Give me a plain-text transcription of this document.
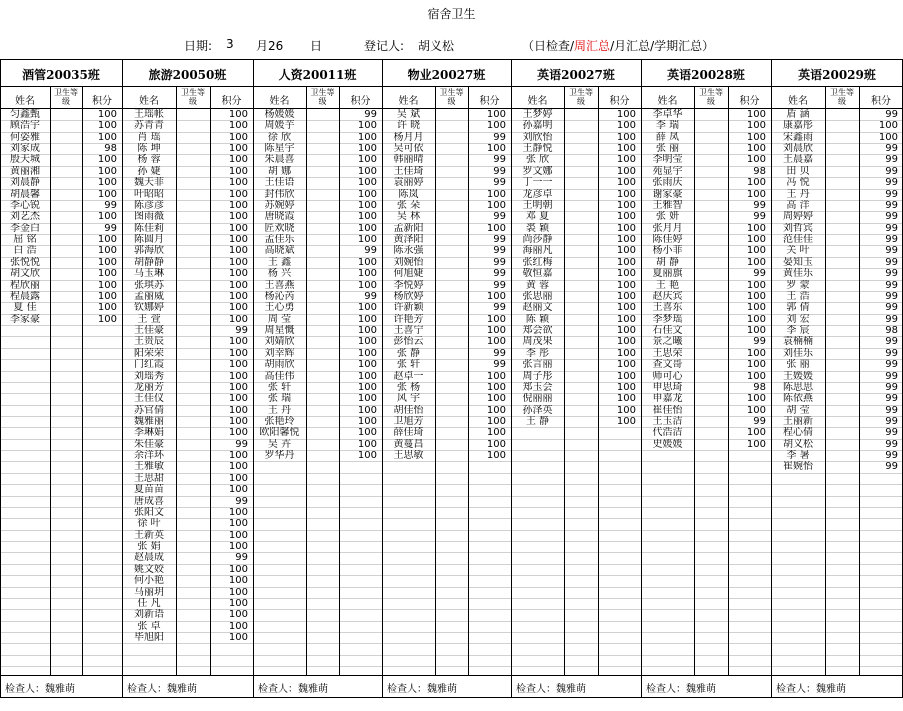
宿舍卫生
日期: 3 月26 日	登记人: 胡义松	（日检查/周汇总/月汇总/学期汇总）
酒管20035班
姓名
卫生等级	积分
匀鑫甄	100
顾浩宇	100
何姿雅	100
刘家成	98
殷天城	100
黄丽湘	100
刘晨静	100
胡晨馨	100
李心锐	99
刘艺杰	100
李金白	99
屈 铭	100
白 浩	100
张悦悦	100
胡文欣	100
程欣丽	100
程晨露	100
夏 佳	100
李家豪	100
检查人：魏雅萌
旅游20050班
姓名
卫生等级	积分
王瑶帐	100
苏青青	100
肖 瑶	100
陈 坤	100
杨 蓉	100
孙 婕	100
魏天菲	100
叶昭昭	100
陈彦彦	100
图雨薇	100
陈佳莉	100
陈圆月	100
郭海欣	100
胡静静	100
马玉琳	100
张琪苏	100
孟丽威	100
钦娜婷	100
王 萱	100
王佳豪	99
王贵辰	100
阳荣荣	100
门红霞	100
刘瑶秀	100
龙丽芳	100
王佳仪	100
苏官倩	100
魏雅丽	100
李琳娟	100
朱佳豪	99
余洋环	100
王雅敏	100
王思甜	100
夏苗苗	100
唐成喜	99
张阳文	100
徐 叶	100
王新英	100
张 娟	100
赵晨成	99
姚文姣	100
何小艳	100
马丽玥	100
任 凡	100
刘新语	100
张 卓	100
毕旭阳	100
检查人：魏雅萌
人资20011班
姓名
卫生等级	积分
杨媛媛	99
周媛芋	100
徐 欣	100
陈星宇	100
朱晨喜	100
胡 娜	100
王佳语	100
封伟欣	100
苏婉婷	100
唐晓霞	100
匠欢晓	100
孟佳乐	100
高晓斌	99
王 鑫	100
杨 兴	100
王喜燕	100
杨沁芮	99
王心勇	100
周 莹	100
周星慨	100
刘婧欣	100
刘幸辉	100
胡雨欣	100
高佳伟	100
张 轩	100
张 瑞	100
王 丹	100
张艳玲	100
欧阳馨悦	100
吴 卉	100
罗华丹	100
检查人：魏雅萌
物业20027班
姓名
卫生等级	积分
吴 斌	100
许 晓	100
杨月月	99
吴可依	100
韩丽晴	99
王佳琦	99
袁丽婷	99
陈岚	100
张 朵	100
吴 林	99
孟新阳	100
黄泽阳	99
陈永强	99
刘婉怡	99
何旭婕	99
李悦婷	99
杨欣婷	100
许新颖	99
许艳芳	100
王喜宁	100
彭怡云	100
张 静	99
张 轩	99
赵卓一	100
张 杨	100
风 宇	100
胡佳怡	100
卫旭芳	100
薛佳琦	100
黄蔓昌	100
王思敏	100
检查人：魏雅萌
英语20027班
姓名
卫生等级	积分
王梦婷	100
孙嘉明	100
刘欣怡	100
王静悦	100
张 欣	100
罗文娜	100
丁一一	100
龙彦卓	100
王明朝	100
邓 夏	100
裘 颖	100
尚莎静	100
海丽凡	100
张红梅	100
敬恒嘉	100
黄 蓉	100
张思丽	100
赵丽文	100
陈 颖	100
郑会欲	100
周茂果	100
李 彤	100
张言丽	100
周子彤	100
郑玉会	100
倪丽丽	100
孙泽英	100
王 静	100
检查人：魏雅萌
英语20028班
姓名
卫生等级	积分
李卓华	100
李 瑞	100
薛 凤	100
张 丽	100
李明莹	100
苑显宇	98
张雨庆	100
谢家豪	100
王雅智	99
张 妍	99
张月月	100
陈佳婷	100
杨小菲	100
胡 静	100
夏丽旗	99
王 艳	100
赵庆宾	100
王喜东	100
李梦瑶	100
石佳文	100
景之曦	99
王思荣	100
查文哥	100
师可心	100
申思琦	98
申嘉龙	100
崔佳怡	100
王玉洁	99
代浩洁	100
史媛媛	100
检查人：魏雅萌
英语20029班
姓名
卫生等级	积分
盾 涵	99
康嘉彤	100
宋鑫雨	100
刘晨欣	99
王晨嘉	99
田 贝	99
冯 悦	99
王 丹	99
高 洋	99
周婷婷	99
刘哲宾	99
范佳佳	99
关 叶	99
晏知玉	99
黄佳乐	99
罗 蒙	99
王 浩	99
郭 倩	99
刘 宏	99
李 宸	98
袁楠楠	99
刘佳乐	99
张 丽	99
王媛媛	99
陈思思	99
陈依燕	99
胡 莹	99
王丽新	99
程心倩	99
胡义松	99
李 暑	99
崔婉怡	99
检查人：魏雅萌
